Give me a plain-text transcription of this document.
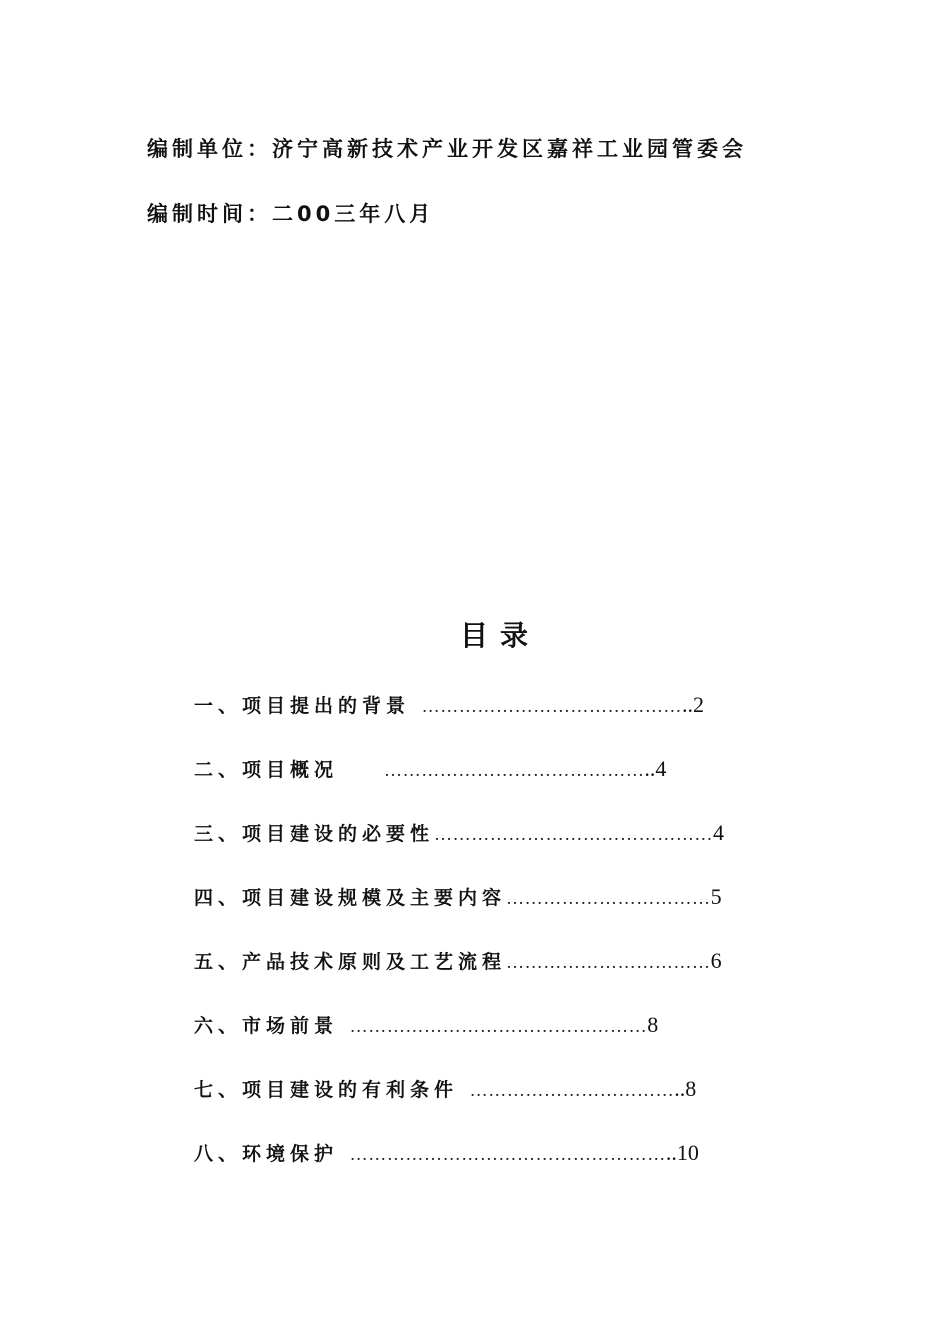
编制单位：济宁高新技术产业开发区嘉祥工业园管委会
编制时间：二00三年八月
目录
一、项目提出的背景 ……………………………………..2
二、项目概况	……………………………………..4
三、项目建设的必要性………………………………………4
四、项目建设规模及主要内容……………………………5
五、产品技术原则及工艺流程……………………………6
六、市场前景 …………………………………………8
七、项目建设的有利条件 ……………………………..8
八、环境保护 ……………………………………………..10
